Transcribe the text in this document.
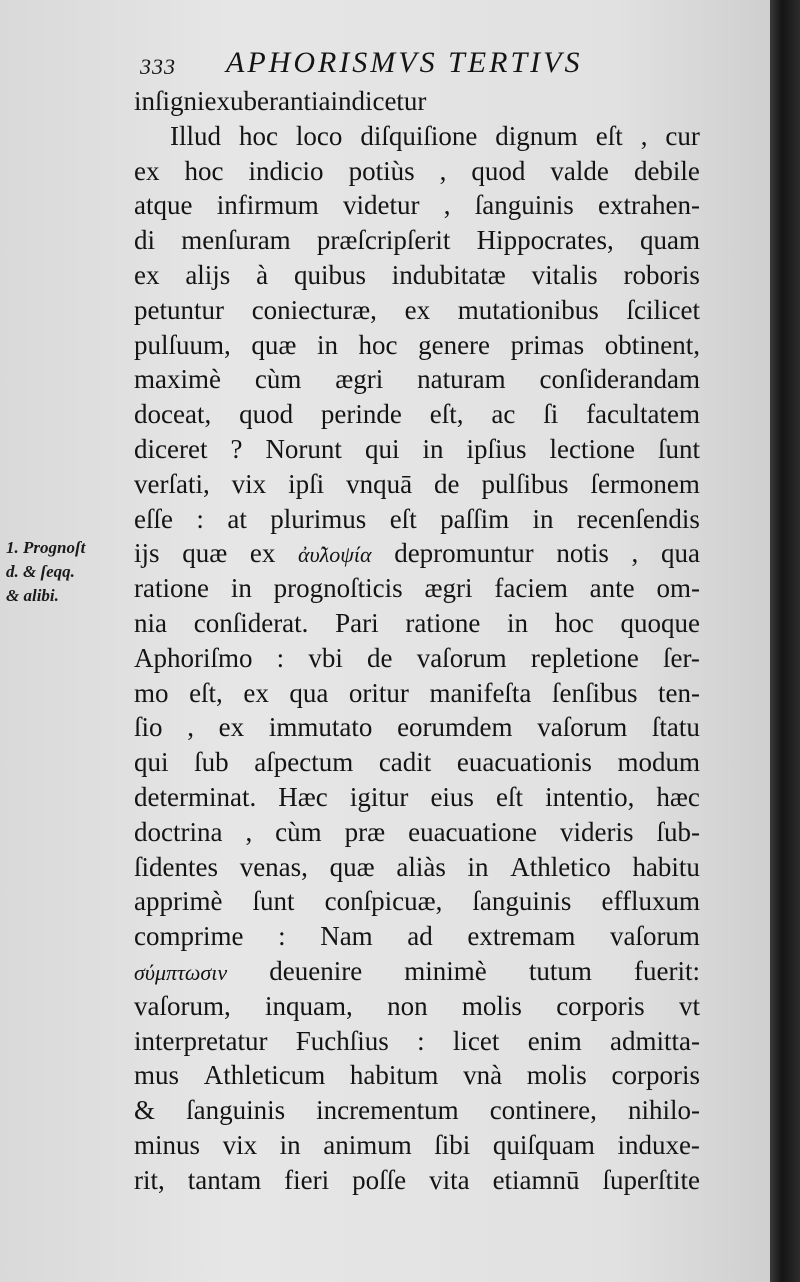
333 APHORISMVS TERTIVS
1. Prognoſt
d. & ſeqq.
& alibi.
inſigni exuberantia indicetur
Illud hoc loco diſquiſione dignum eſt , cur
ex hoc indicio potiùs , quod valde debile
atque infirmum videtur , ſanguinis extrahen-
di menſuram præſcripſerit Hippocrates, quam
ex alijs à quibus indubitatæ vitalis roboris
petuntur coniecturæ, ex mutationibus ſcilicet
pulſuum, quæ in hoc genere primas obtinent,
maximè cùm ægri naturam conſiderandam
doceat, quod perinde eſt, ac ſi facultatem
diceret ? Norunt qui in ipſius lectione ſunt
verſati, vix ipſi vnquā de pulſibus ſermonem
eſſe : at plurimus eſt paſſim in recenſendis
ijs quæ ex ἀυ̃λοψία depromuntur notis , qua
ratione in prognoſticis ægri faciem ante om-
nia conſiderat. Pari ratione in hoc quoque
Aphoriſmo : vbi de vaſorum repletione ſer-
mo eſt, ex qua oritur manifeſta ſenſibus ten-
ſio , ex immutato eorumdem vaſorum ſtatu
qui ſub aſpectum cadit euacuationis modum
determinat. Hæc igitur eius eſt intentio, hæc
doctrina , cùm præ euacuatione videris ſub-
ſidentes venas, quæ aliàs in Athletico habitu
apprimè ſunt conſpicuæ, ſanguinis effluxum
comprime : Nam ad extremam vaſorum
σύμπτωσιν deuenire minimè tutum fuerit:
vaſorum, inquam, non molis corporis vt
interpretatur Fuchſius : licet enim admitta-
mus Athleticum habitum vnà molis corporis
& ſanguinis incrementum continere, nihilo-
minus vix in animum ſibi quiſquam induxe-
rit, tantam fieri poſſe vita etiamnū ſuperſtite
